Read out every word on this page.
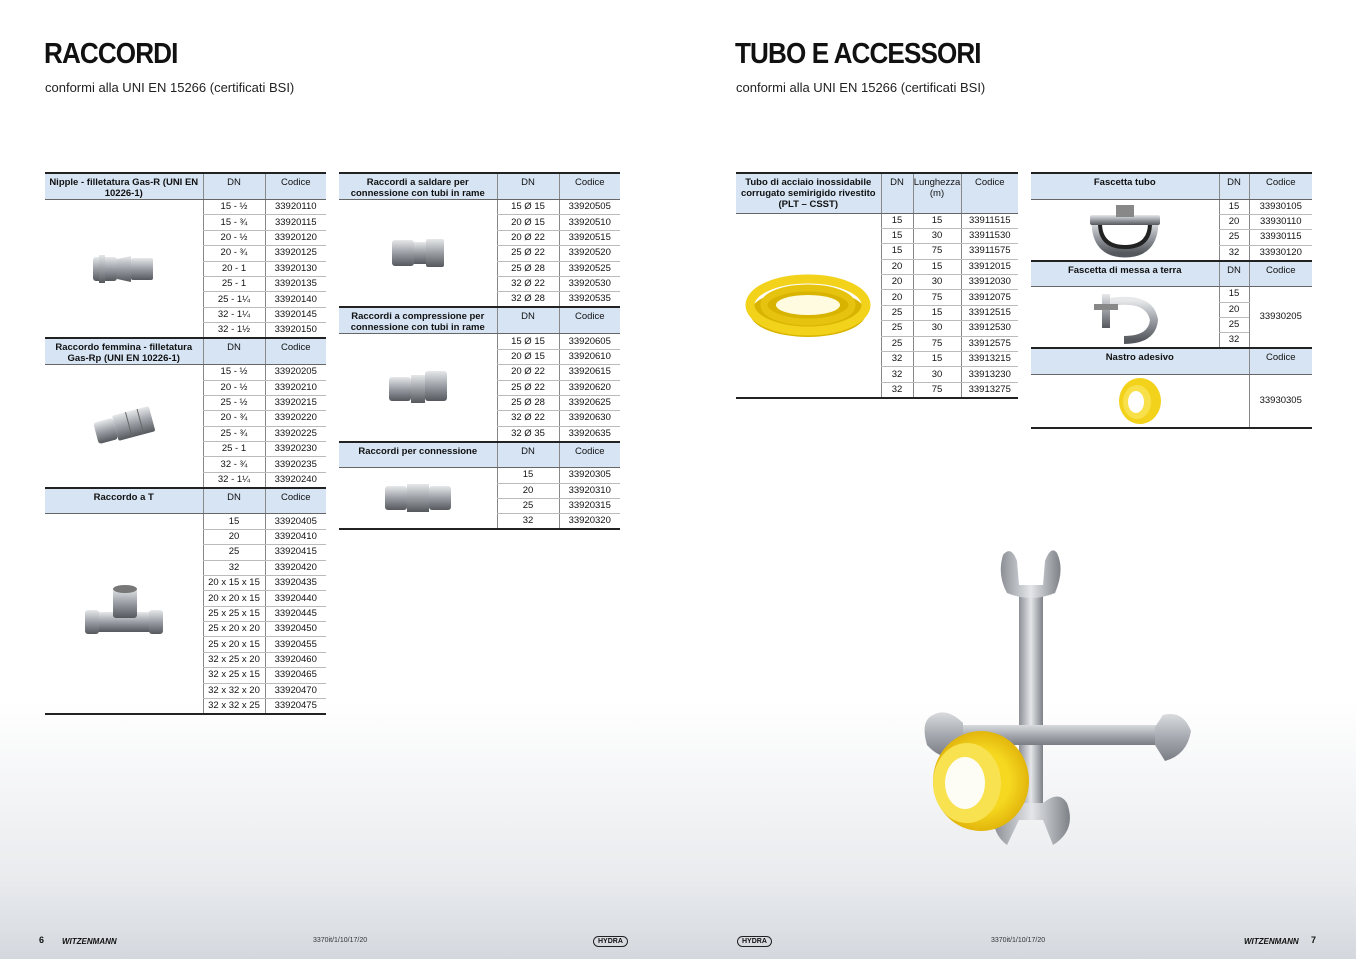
RACCORDI
conformi alla UNI EN 15266 (certificati BSI)
TUBO E ACCESSORI
conformi alla UNI EN 15266 (certificati BSI)
Nipple - filletatura Gas-R (UNI EN 10226-1)	DN	Codice

	15 - ½	33920110
	15 - ¾	33920115
	20 - ½	33920120
	20 - ¾	33920125
	20 - 1	33920130
	25 - 1	33920135
	25 - 1¼	33920140
	32 - 1¼	33920145
	32 - 1½	33920150
Raccordo femmina - filletatura Gas-Rp (UNI EN 10226-1)	DN	Codice

	15 - ½	33920205
	20 - ½	33920210
	25 - ½	33920215
	20 - ¾	33920220
	25 - ¾	33920225
	25 - 1	33920230
	32 - ¾	33920235
	32 - 1¼	33920240
Raccordo a T	DN	Codice

	15	33920405
	20	33920410
	25	33920415
	32	33920420
	20 x 15 x 15	33920435
	20 x 20 x 15	33920440
	25 x 25 x 15	33920445
	25 x 20 x 20	33920450
	25 x 20 x 15	33920455
	32 x 25 x 20	33920460
	32 x 25 x 15	33920465
	32 x 32 x 20	33920470
	32 x 32 x 25	33920475
Raccordi a saldare per connessione con tubi in rame	DN	Codice

	15 Ø 15	33920505
	20 Ø 15	33920510
	20 Ø 22	33920515
	25 Ø 22	33920520
	25 Ø 28	33920525
	32 Ø 22	33920530
	32 Ø 28	33920535
Raccordi a compressione per connessione con tubi in rame	DN	Codice

	15 Ø 15	33920605
	20 Ø 15	33920610
	20 Ø 22	33920615
	25 Ø 22	33920620
	25 Ø 28	33920625
	32 Ø 22	33920630
	32 Ø 35	33920635
Raccordi per connessione	DN	Codice

	15	33920305
	20	33920310
	25	33920315
	32	33920320
Tubo di acciaio inossidabile corrugato semirigido rivestito (PLT – CSST)	DN	Lunghezza (m)	Codice

	15	15	33911515
	15	30	33911530
	15	75	33911575
	20	15	33912015
	20	30	33912030
	20	75	33912075
	25	15	33912515
	25	30	33912530
	25	75	33912575
	32	15	33913215
	32	30	33913230
	32	75	33913275
Fascetta tubo	DN	Codice

	15	33930105
	20	33930110
	25	33930115
	32	33930120
Fascetta di messa a terra	DN	Codice

	15	33930205
	20	
	25	
	32	
Nastro adesivo		Codice

	33930305
6 WITZENMANN	3370it/1/10/17/20	HYDRA	HYDRA	3370it/1/10/17/20	WITZENMANN 7
